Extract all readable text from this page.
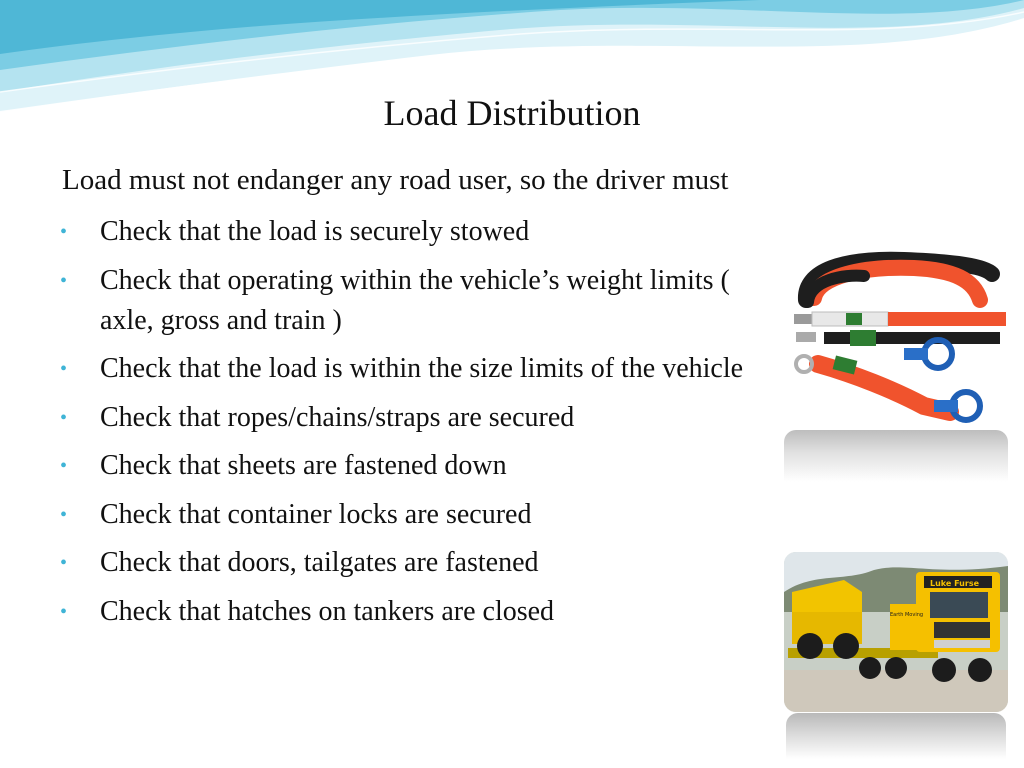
Load Distribution

Load must not endanger any road user, so the driver must

• Check that the load is securely stowed
• Check that operating within the vehicle’s weight limits ( axle, gross and train )
• Check that the load is within the size limits of the vehicle
• Check that ropes/chains/straps are secured
• Check that sheets are fastened down
• Check that container locks are secured
• Check that doors, tailgates are fastened
• Check that hatches on tankers are closed
Luke Furse
Earth Moving
